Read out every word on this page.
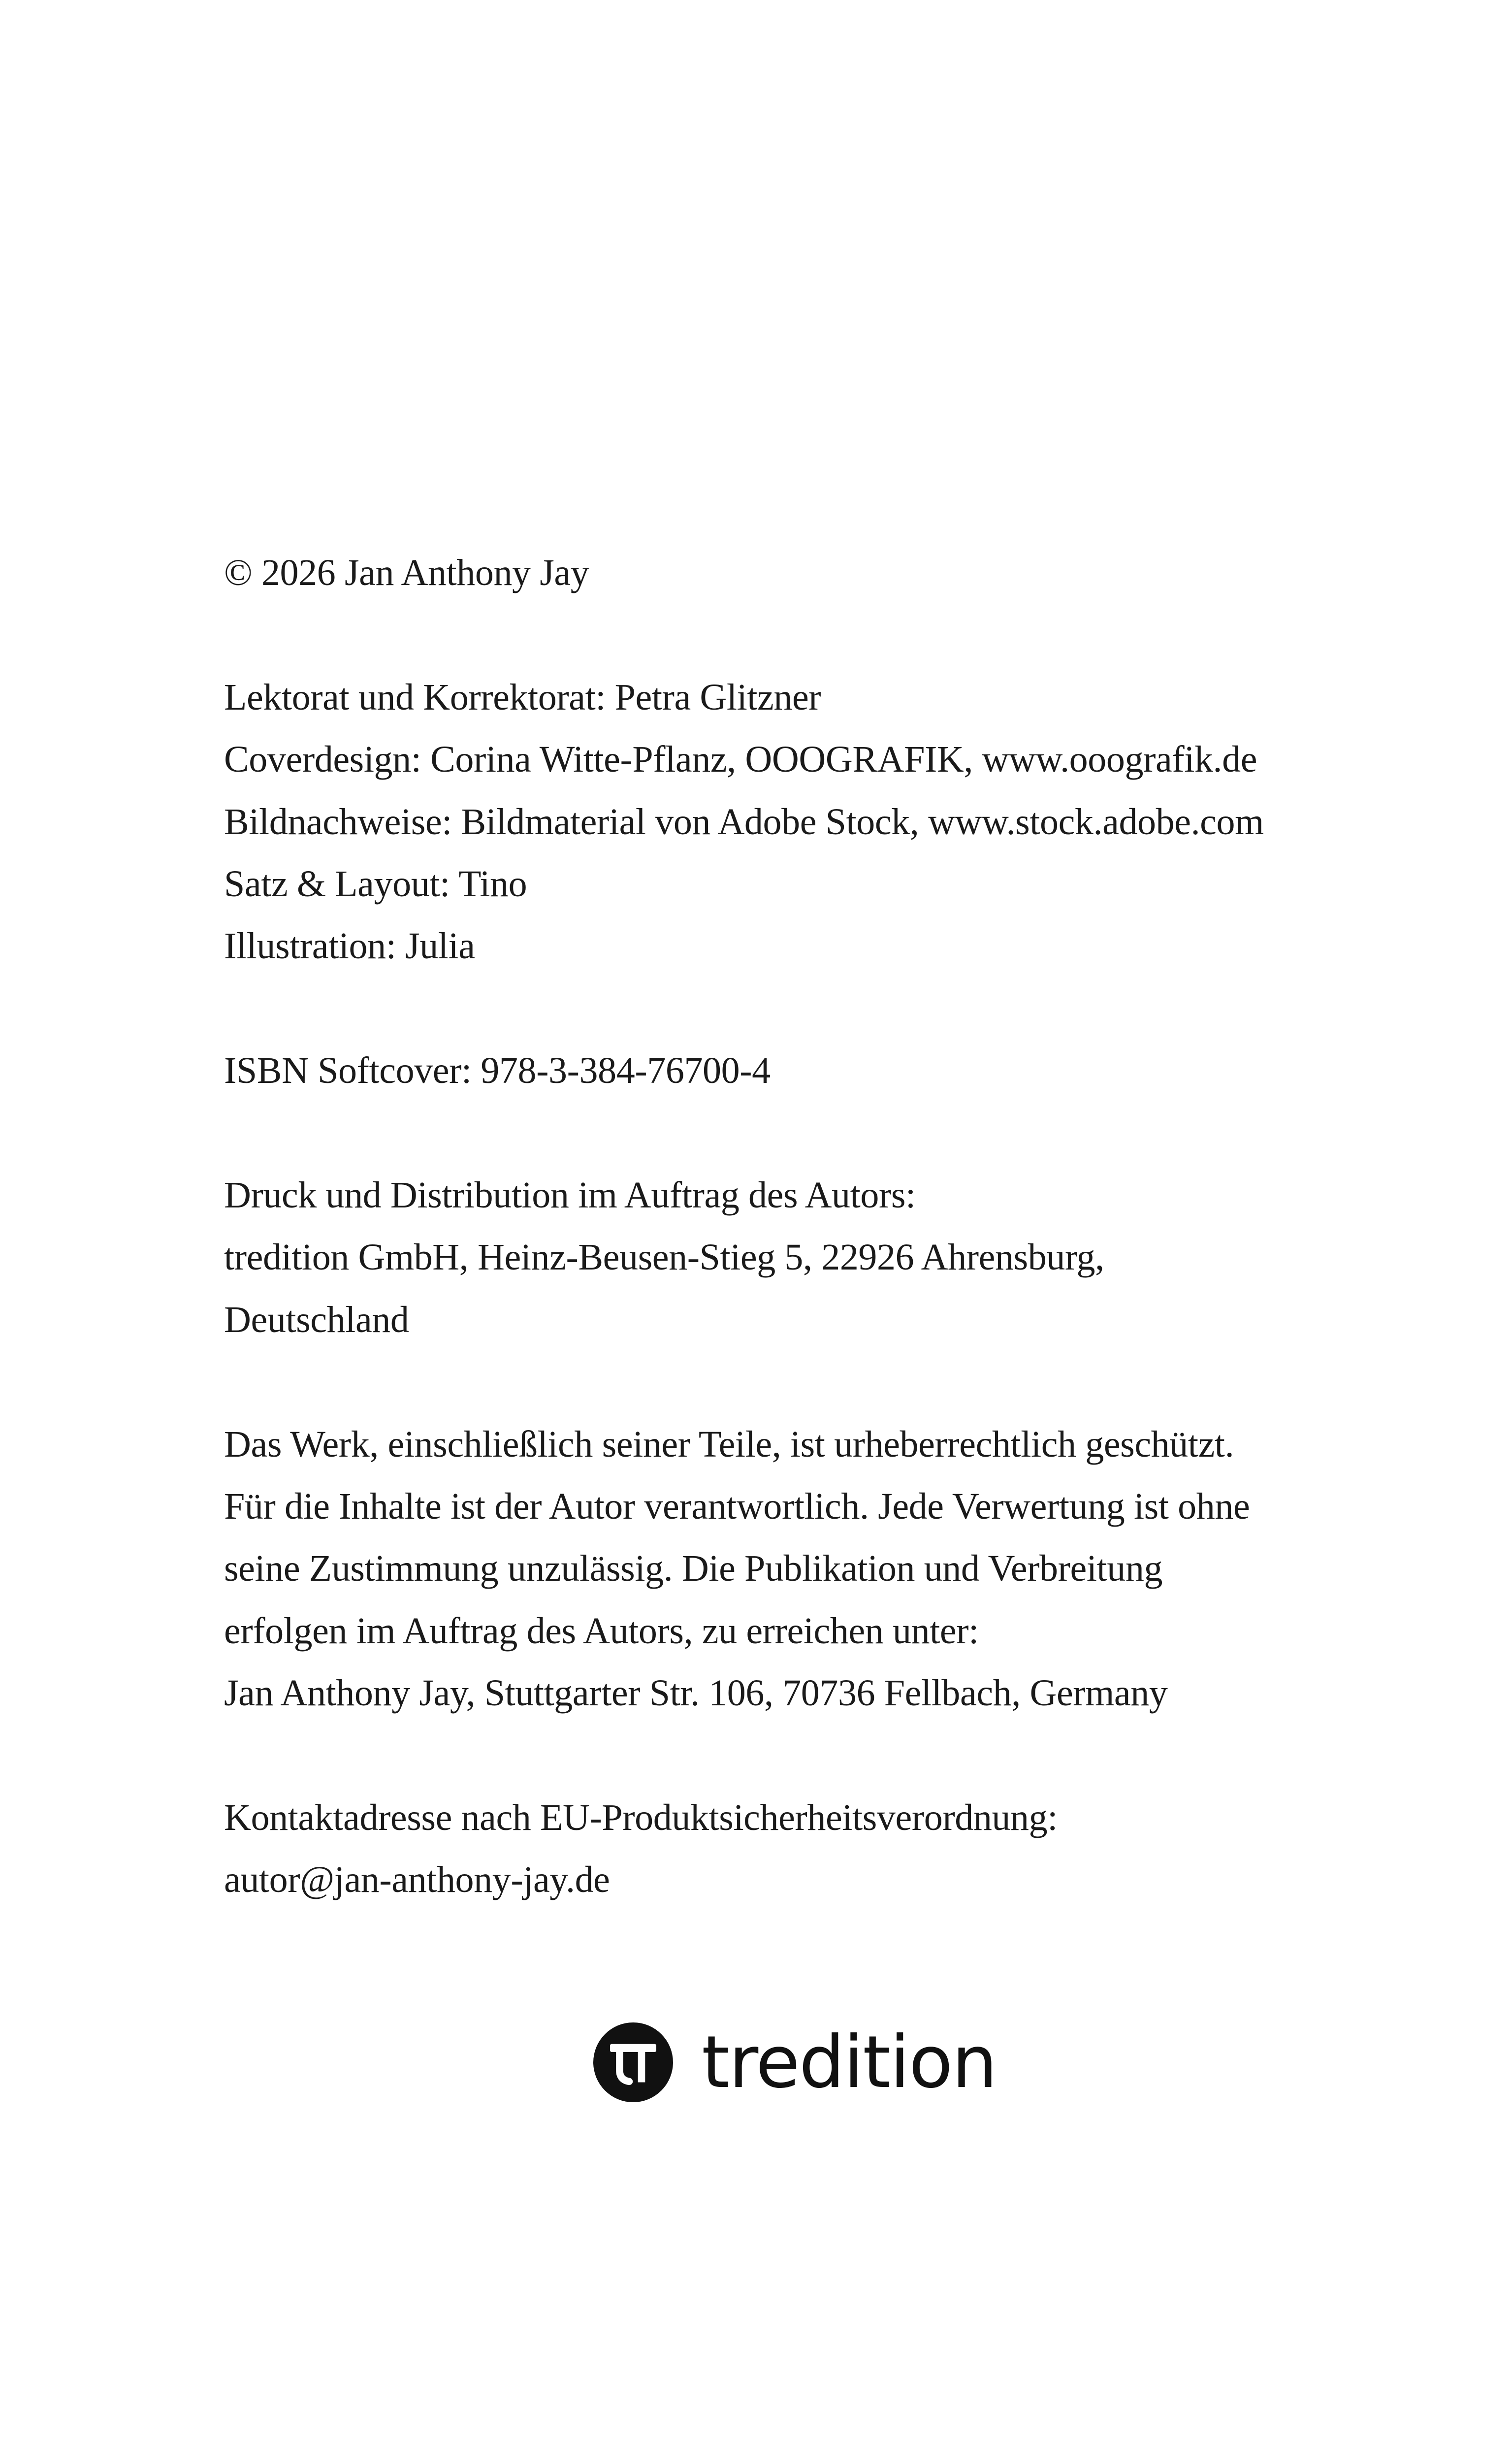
© 2026 Jan Anthony Jay
Lektorat und Korrektorat: Petra Glitzner
Coverdesign: Corina Witte-Pflanz, OOOGRAFIK, www.ooografik.de
Bildnachweise: Bildmaterial von Adobe Stock, www.stock.adobe.com
Satz & Layout: Tino
Illustration: Julia
ISBN Softcover: 978-3-384-76700-4
Druck und Distribution im Auftrag des Autors:
tredition GmbH, Heinz-Beusen-Stieg 5, 22926 Ahrensburg,
Deutschland
Das Werk, einschließlich seiner Teile, ist urheberrechtlich geschützt.
Für die Inhalte ist der Autor verantwortlich. Jede Verwertung ist ohne
seine Zustimmung unzulässig. Die Publikation und Verbreitung
erfolgen im Auftrag des Autors, zu erreichen unter:
Jan Anthony Jay, Stuttgarter Str. 106, 70736 Fellbach, Germany
Kontaktadresse nach EU-Produktsicherheitsverordnung:
autor@jan-anthony-jay.de
tredition
